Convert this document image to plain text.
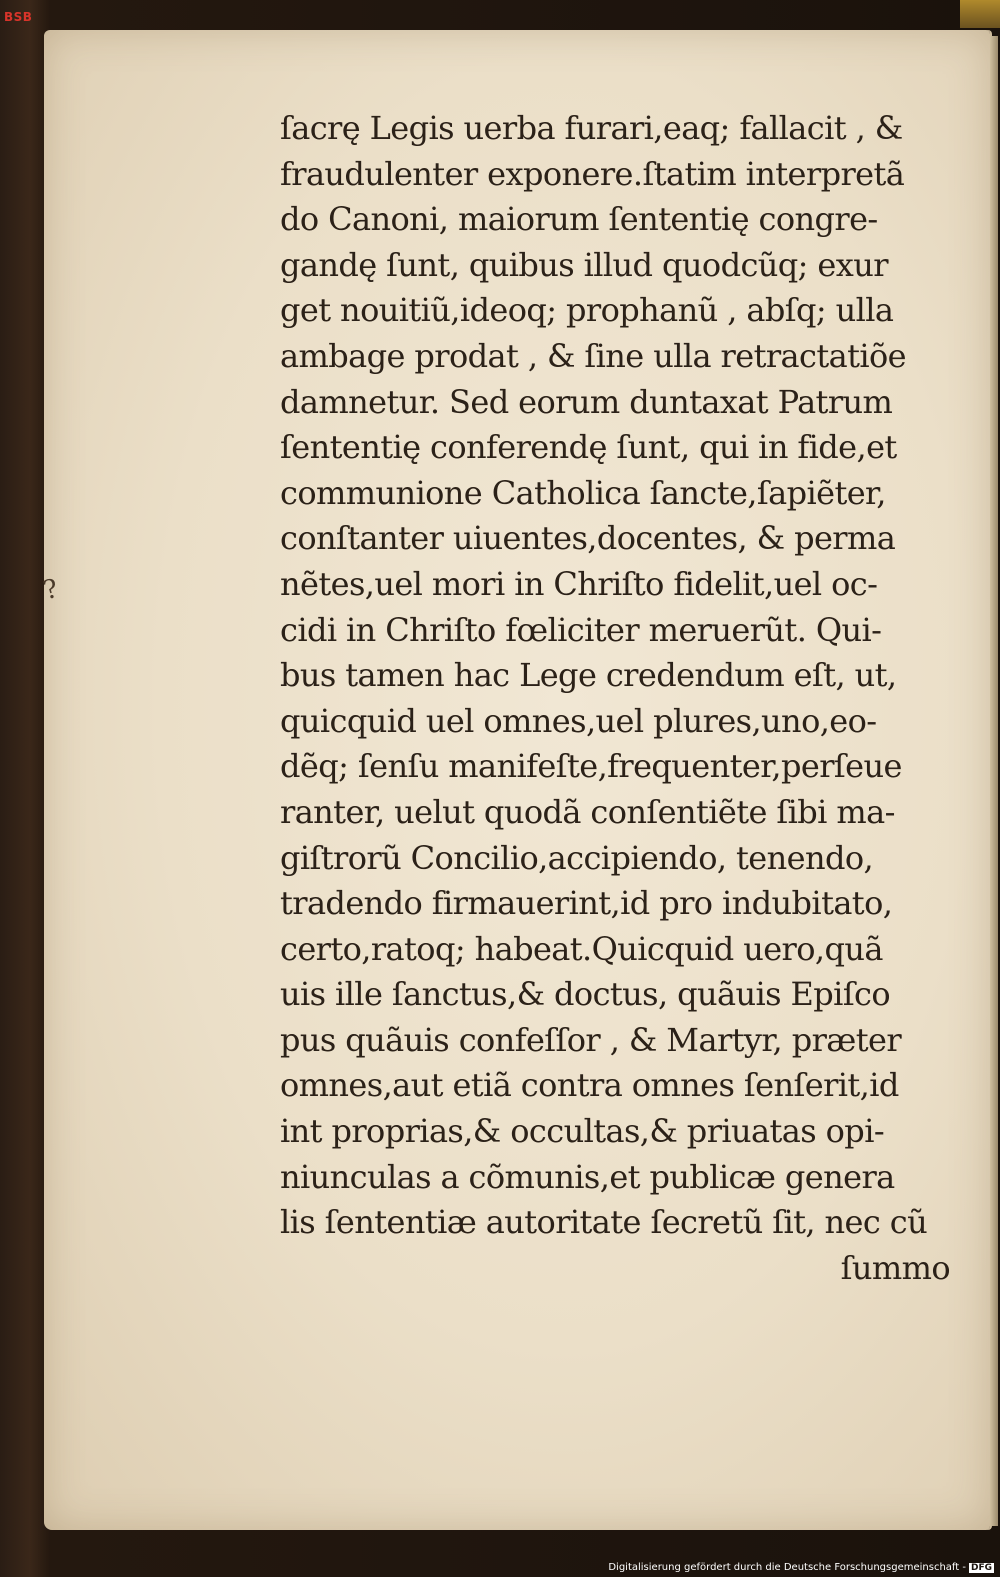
BSB
?
ſacrę Legis uerba furari,eaq; fallacit , &
fraudulenter exponere.ſtatim interpretã
do Canoni, maiorum ſententię congre-
gandę ſunt, quibus illud quodcũq; exur
get nouitiũ,ideoq; prophanũ , abſq; ulla
ambage prodat , & ſine ulla retractatiõe
damnetur. Sed eorum duntaxat Patrum
ſententię conferendę ſunt, qui in fide,et
communione Catholica ſancte,ſapiẽter,
conſtanter uiuentes,docentes, & perma
nẽtes,uel mori in Chriſto fidelit,uel oc-
cidi in Chriſto fœliciter meruerũt. Qui-
bus tamen hac Lege credendum eſt, ut,
quicquid uel omnes,uel plures,uno,eo-
dẽq; ſenſu manifeſte,frequenter,perſeue
ranter, uelut quodã conſentiẽte ſibi ma-
giſtrorũ Concilio,accipiendo, tenendo,
tradendo firmauerint,id pro indubitato,
certo,ratoq; habeat.Quicquid uero,quã
uis ille ſanctus,& doctus, quãuis Epiſco
pus quãuis confeſſor , & Martyr, præter
omnes,aut etiã contra omnes ſenſerit,id
int proprias,& occultas,& priuatas opi-
niunculas a cõmunis,et publicæ genera
lis ſententiæ autoritate ſecretũ ſit, nec cũ
ſummo
Digitalisierung gefördert durch die Deutsche Forschungsgemeinschaft - DFG
